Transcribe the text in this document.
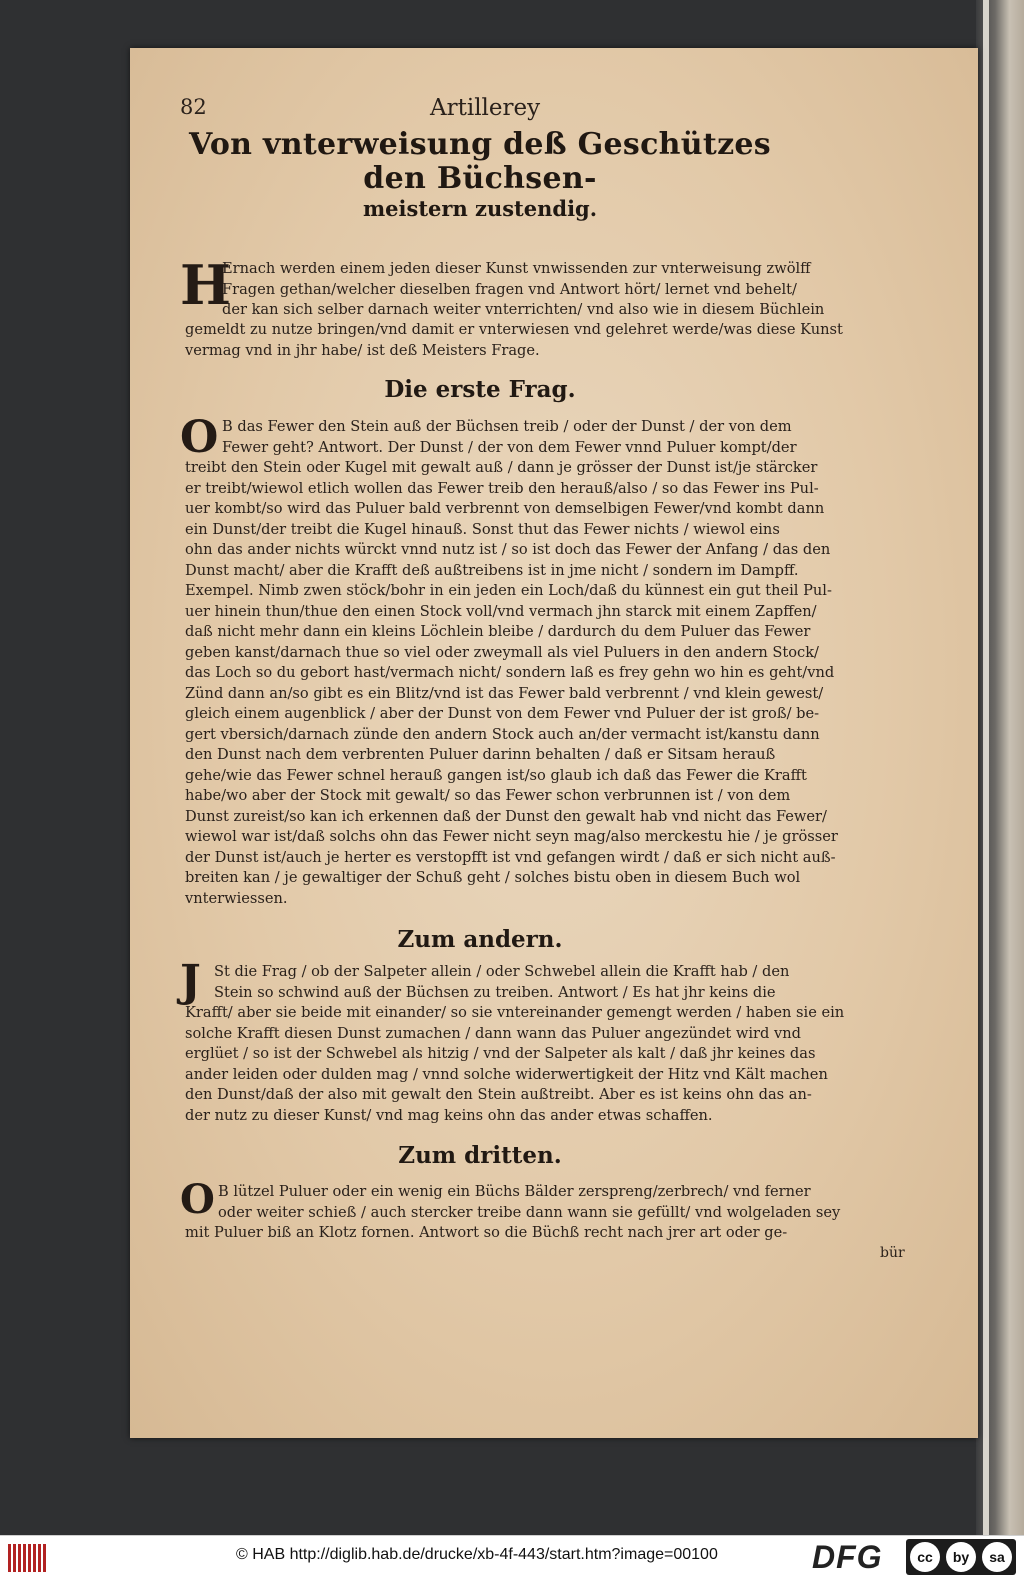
82	Artillerey
Von vnterweisung deß Geschützes den Büchsen-
meistern zustendig.
H
Ernach werden einem jeden dieser Kunst vnwissenden zur vnterweisung zwölff
Fragen gethan/welcher dieselben fragen vnd Antwort hört/ lernet vnd behelt/
der kan sich selber darnach weiter vnterrichten/ vnd also wie in diesem Büchlein
gemeldt zu nutze bringen/vnd damit er vnterwiesen vnd gelehret werde/was diese Kunst
vermag vnd in jhr habe/ ist deß Meisters Frage.
Die erste Frag.
O B das Fewer den Stein auß der Büchsen treib / oder der Dunst / der von dem
Fewer geht? Antwort. Der Dunst / der von dem Fewer vnnd Puluer kompt/der
treibt den Stein oder Kugel mit gewalt auß / dann je grösser der Dunst ist/je stärcker
er treibt/wiewol etlich wollen das Fewer treib den herauß/also / so das Fewer ins Pul-
uer kombt/so wird das Puluer bald verbrennt von demselbigen Fewer/vnd kombt dann
ein Dunst/der treibt die Kugel hinauß. Sonst thut das Fewer nichts / wiewol eins
ohn das ander nichts würckt vnnd nutz ist / so ist doch das Fewer der Anfang / das den
Dunst macht/ aber die Krafft deß außtreibens ist in jme nicht / sondern im Dampff.
Exempel. Nimb zwen stöck/bohr in ein jeden ein Loch/daß du künnest ein gut theil Pul-
uer hinein thun/thue den einen Stock voll/vnd vermach jhn starck mit einem Zapffen/
daß nicht mehr dann ein kleins Löchlein bleibe / dardurch du dem Puluer das Fewer
geben kanst/darnach thue so viel oder zweymall als viel Puluers in den andern Stock/
das Loch so du gebort hast/vermach nicht/ sondern laß es frey gehn wo hin es geht/vnd
Zünd dann an/so gibt es ein Blitz/vnd ist das Fewer bald verbrennt / vnd klein gewest/
gleich einem augenblick / aber der Dunst von dem Fewer vnd Puluer der ist groß/ be-
gert vbersich/darnach zünde den andern Stock auch an/der vermacht ist/kanstu dann
den Dunst nach dem verbrenten Puluer darinn behalten / daß er Sitsam herauß
gehe/wie das Fewer schnel herauß gangen ist/so glaub ich daß das Fewer die Krafft
habe/wo aber der Stock mit gewalt/ so das Fewer schon verbrunnen ist / von dem
Dunst zureist/so kan ich erkennen daß der Dunst den gewalt hab vnd nicht das Fewer/
wiewol war ist/daß solchs ohn das Fewer nicht seyn mag/also merckestu hie / je grösser
der Dunst ist/auch je herter es verstopfft ist vnd gefangen wirdt / daß er sich nicht auß-
breiten kan / je gewaltiger der Schuß geht / solches bistu oben in diesem Buch wol
vnterwiessen.
Zum andern.
J St die Frag / ob der Salpeter allein / oder Schwebel allein die Krafft hab / den
Stein so schwind auß der Büchsen zu treiben. Antwort / Es hat jhr keins die
Krafft/ aber sie beide mit einander/ so sie vntereinander gemengt werden / haben sie ein
solche Krafft diesen Dunst zumachen / dann wann das Puluer angezündet wird vnd
erglüet / so ist der Schwebel als hitzig / vnd der Salpeter als kalt / daß jhr keines das
ander leiden oder dulden mag / vnnd solche widerwertigkeit der Hitz vnd Kält machen
den Dunst/daß der also mit gewalt den Stein außtreibt. Aber es ist keins ohn das an-
der nutz zu dieser Kunst/ vnd mag keins ohn das ander etwas schaffen.
Zum dritten.
O B lützel Puluer oder ein wenig ein Büchs Bälder zerspreng/zerbrech/ vnd ferner
oder weiter schieß / auch stercker treibe dann wann sie gefüllt/ vnd wolgeladen sey
mit Puluer biß an Klotz fornen. Antwort so die Büchß recht nach jrer art oder ge-
bür
© HAB http://diglib.hab.de/drucke/xb-4f-443/start.htm?image=00100	DFG	cc	by	sa
